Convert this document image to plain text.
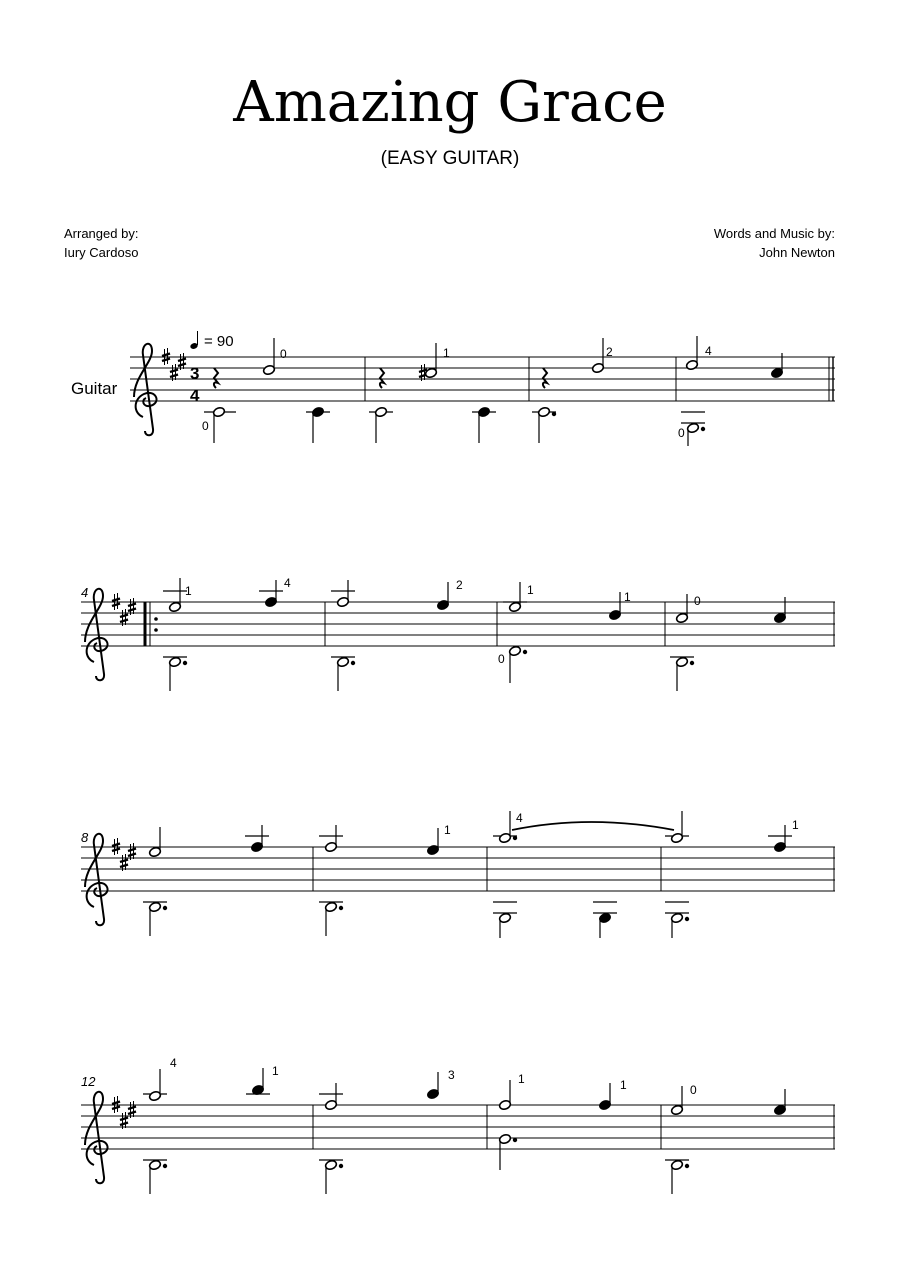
Amazing Grace
(EASY GUITAR)
Arranged by:
Iury Cardoso
Words and Music by:
John Newton
Guitar
= 90
3
4
0
0	1	2	4
0
4	1
4	2	1	1
0
0
8	1
4	1
12
4
1	3	1	1	0
